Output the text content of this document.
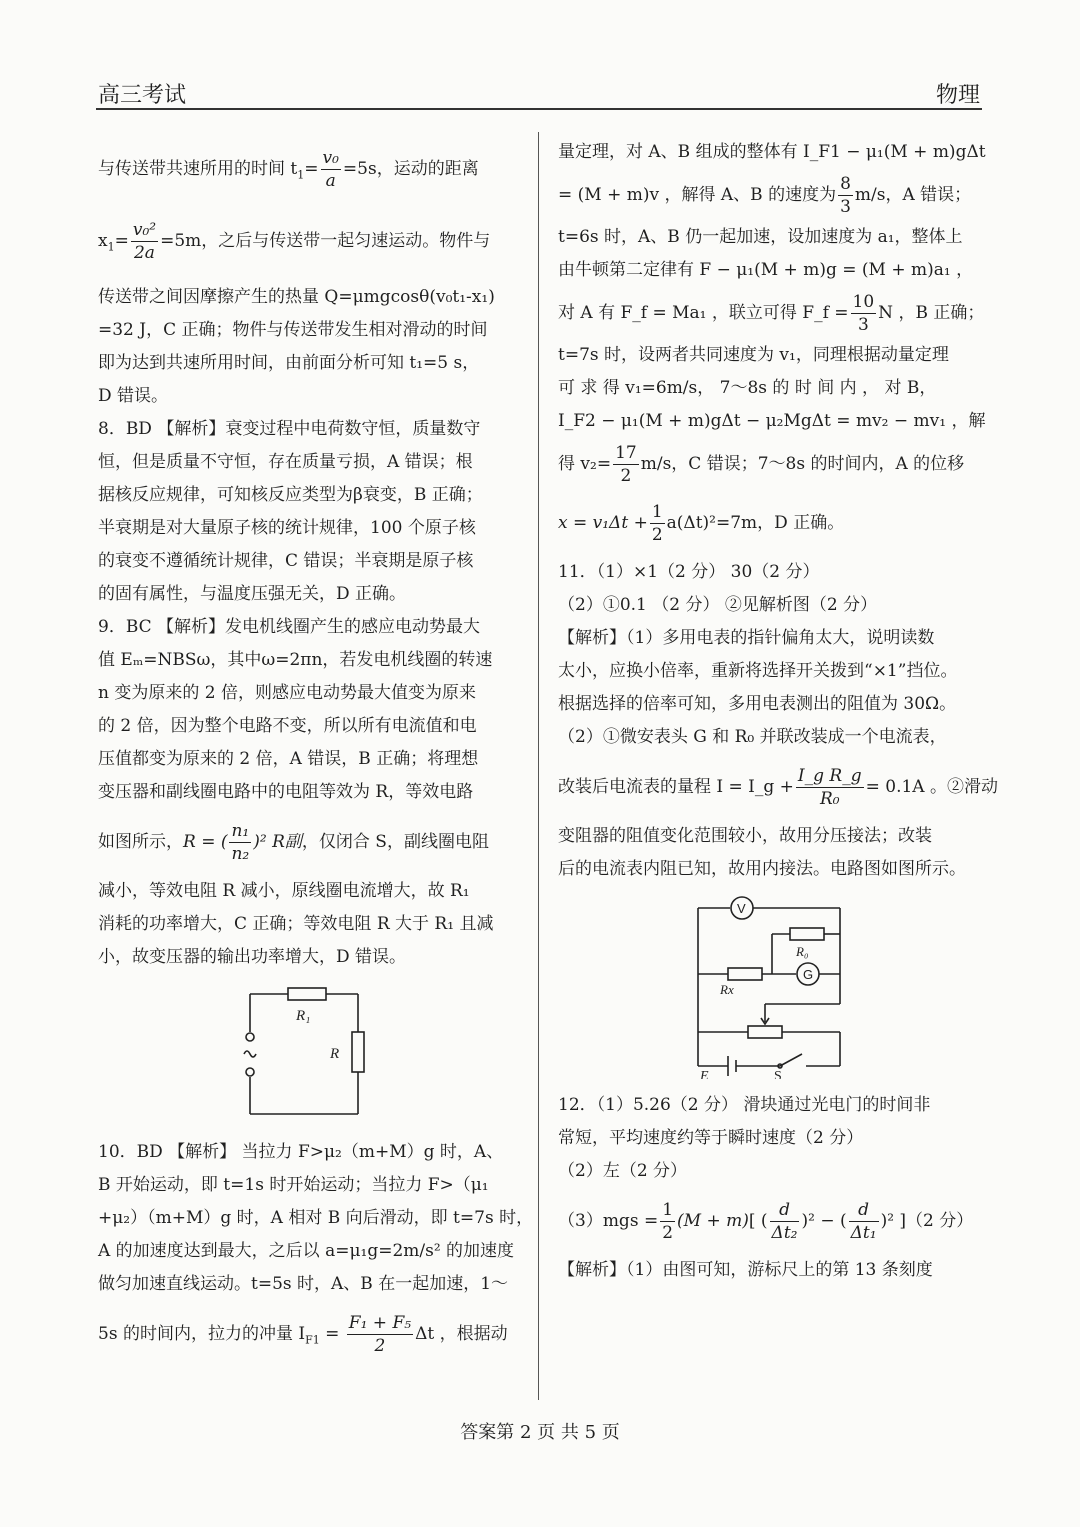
高三考试	物理
与传送带共速所用的时间 $t_1= \frac{\text{v₀}}{a} =5s$，运动的距离
$x_1= \frac{\text{v₀²}}{2a} =5m$，之后与传送带一起匀速运动。物件与
传送带之间因摩擦产生的热量 Q=μmgcosθ(v₀t₁-x₁)
=32 J，C 正确；物件与传送带发生相对滑动的时间
即为达到共速所用时间，由前面分析可知 t₁=5 s，
D 错误。
8．BD 【解析】衰变过程中电荷数守恒，质量数守
恒，但是质量不守恒，存在质量亏损，A 错误；根
据核反应规律，可知核反应类型为β衰变，B 正确；
半衰期是对大量原子核的统计规律，100 个原子核
的衰变不遵循统计规律，C 错误；半衰期是原子核
的固有属性，与温度压强无关，D 正确。
9．BC 【解析】发电机线圈产生的感应电动势最大
值 Eₘ=NBSω，其中ω=2πn，若发电机线圈的转速
n 变为原来的 2 倍，则感应电动势最大值变为原来
的 2 倍，因为整个电路不变，所以所有电流值和电
压值都变为原来的 2 倍，A 错误，B 正确；将理想
变压器和副线圈电路中的电阻等效为 R，等效电路
如图所示，R = ( $\frac{\text{n₁}}{\text{n₂}} )^2$ R副，仅闭合 S，副线圈电阻
减小，等效电阻 R 减小，原线圈电流增大，故 R₁
消耗的功率增大，C 正确；等效电阻 R 大于 R₁ 且减
小，故变压器的输出功率增大，D 错误。
R₁
R
10．BD 【解析】 当拉力 F>μ₂（m+M）g 时，A、
B 开始运动，即 t=1s 时开始运动；当拉力 F>（μ₁
+μ₂）（m+M）g 时，A 相对 B 向后滑动，即 t=7s 时，
A 的加速度达到最大，之后以 a=μ₁g=2m/s² 的加速度
做匀加速直线运动。t=5s 时，A、B 在一起加速，1～
5s 的时间内，拉力的冲量 $I_{F1} = \frac{\text{F₁ + F₅}}{2}$ Δt ，根据动
量定理，对 A、B 组成的整体有 I_F1 − μ₁(M + m)gΔt
= (M + m)v ，解得 A、B 的速度为 $\frac{8}{3} m/s$，A 错误；
t=6s 时，A、B 仍一起加速，设加速度为 a₁，整体上
由牛顿第二定律有 F − μ₁(M + m)g = (M + m)a₁ ，
对 A 有 F_f = Ma₁ ，联立可得 F_f = $\frac{10}{3}$ N ，B 正确；
t=7s 时，设两者共同速度为 v₁，同理根据动量定理
可 求 得 v₁=6m/s， 7～8s 的 时 间 内 ， 对 B，
I_F2 − μ₁(M + m)gΔt − μ₂MgΔt = mv₂ − mv₁ ，解
得 $v_2= \frac{17}{2} m/s$，C 错误；7～8s 的时间内，A 的位移
$x = v_1\Delta t + \frac{1}{2} a(\Delta t)^2=7m$，D 正确。
11．（1）×1（2 分） 30（2 分）
（2）①0.1 （2 分） ②见解析图（2 分）
【解析】（1）多用电表的指针偏角太大，说明读数
太小，应换小倍率，重新将选择开关拨到“×1”挡位。
根据选择的倍率可知，多用电表测出的阻值为 30Ω。
（2）①微安表头 G 和 R₀ 并联改装成一个电流表，
改装后电流表的量程 I = I_g + $\frac{\text{I\_g R\_g}}{\text{R₀}} = 0.1A$ 。②滑动
变阻器的阻值变化范围较小，故用分压接法；改装
后的电流表内阻已知，故用内接法。电路图如图所示。
V
R₀
G
Rx
E	S
12．（1）5.26（2 分） 滑块通过光电门的时间非
常短，平均速度约等于瞬时速度（2 分）
（2）左（2 分）
$(3)mgs = \frac{1}{2} (M + m)$[ ( $\frac{d}{\text{Δt₂}} )^2$ − ( $\frac{d}{\text{Δt₁}} )^2$ ]（2 分）
【解析】（1）由图可知，游标尺上的第 13 条刻度
答案第 2 页 共 5 页
